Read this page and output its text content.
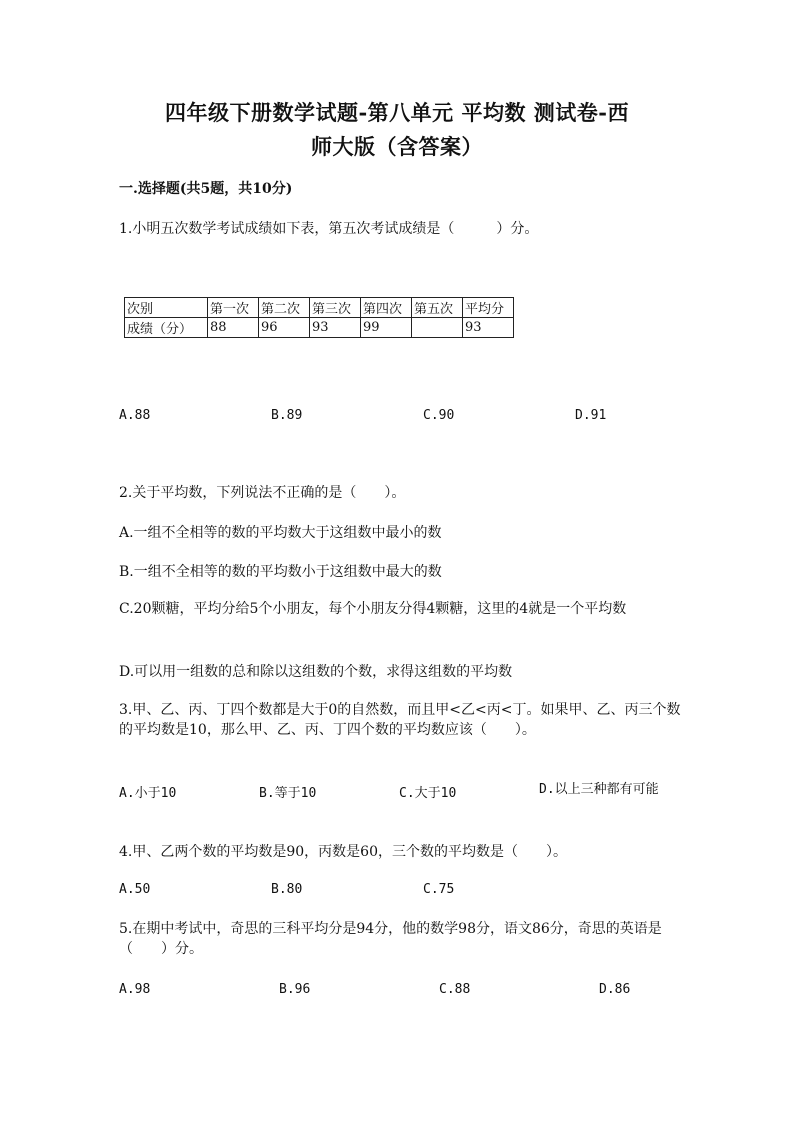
四年级下册数学试题-第八单元 平均数 测试卷-西
师大版（含答案）
一.选择题(共5题，共10分)
1.小明五次数学考试成绩如下表，第五次考试成绩是（　　　）分。
次别	第一次	第二次	第三次	第四次	第五次	平均分
成绩（分）	88	96	93	99		93
A.88	B.89	C.90	D.91
2.关于平均数，下列说法不正确的是（　　）。
A.一组不全相等的数的平均数大于这组数中最小的数
B.一组不全相等的数的平均数小于这组数中最大的数
C.20颗糖，平均分给5个小朋友，每个小朋友分得4颗糖，这里的4就是一个平均数
D.可以用一组数的总和除以这组数的个数，求得这组数的平均数
3.甲、乙、丙、丁四个数都是大于0的自然数，而且甲<乙<丙<丁。如果甲、乙、丙三个数的平均数是10，那么甲、乙、丙、丁四个数的平均数应该（　　）。
A.小于10	B.等于10	C.大于10	D.以上三种都有可能
4.甲、乙两个数的平均数是90，丙数是60，三个数的平均数是（　　）。
A.50	B.80	C.75
5.在期中考试中，奇思的三科平均分是94分，他的数学98分，语文86分，奇思的英语是（　　）分。
A.98	B.96	C.88	D.86
